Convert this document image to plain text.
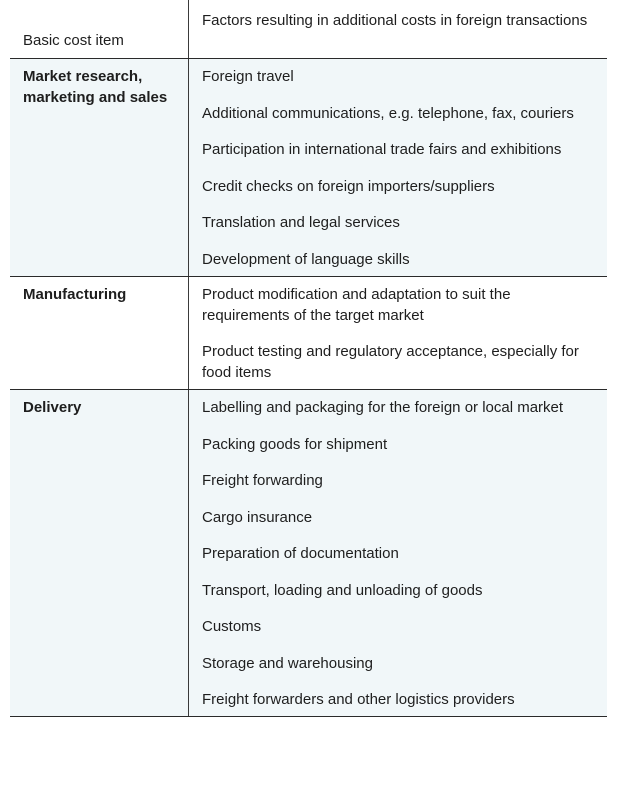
Basic cost item
Factors resulting in additional costs in foreign transactions
Market research, marketing and sales
Foreign travel
Additional communications, e.g. telephone, fax, couriers
Participation in international trade fairs and exhibitions
Credit checks on foreign importers/suppliers
Translation and legal services
Development of language skills
Manufacturing	Product modification and adaptation to suit the requirements of the target market
Product testing and regulatory acceptance, especially for food items
Delivery	Labelling and packaging for the foreign or local market
Packing goods for shipment
Freight forwarding
Cargo insurance
Preparation of documentation
Transport, loading and unloading of goods
Customs
Storage and warehousing
Freight forwarders and other logistics providers
